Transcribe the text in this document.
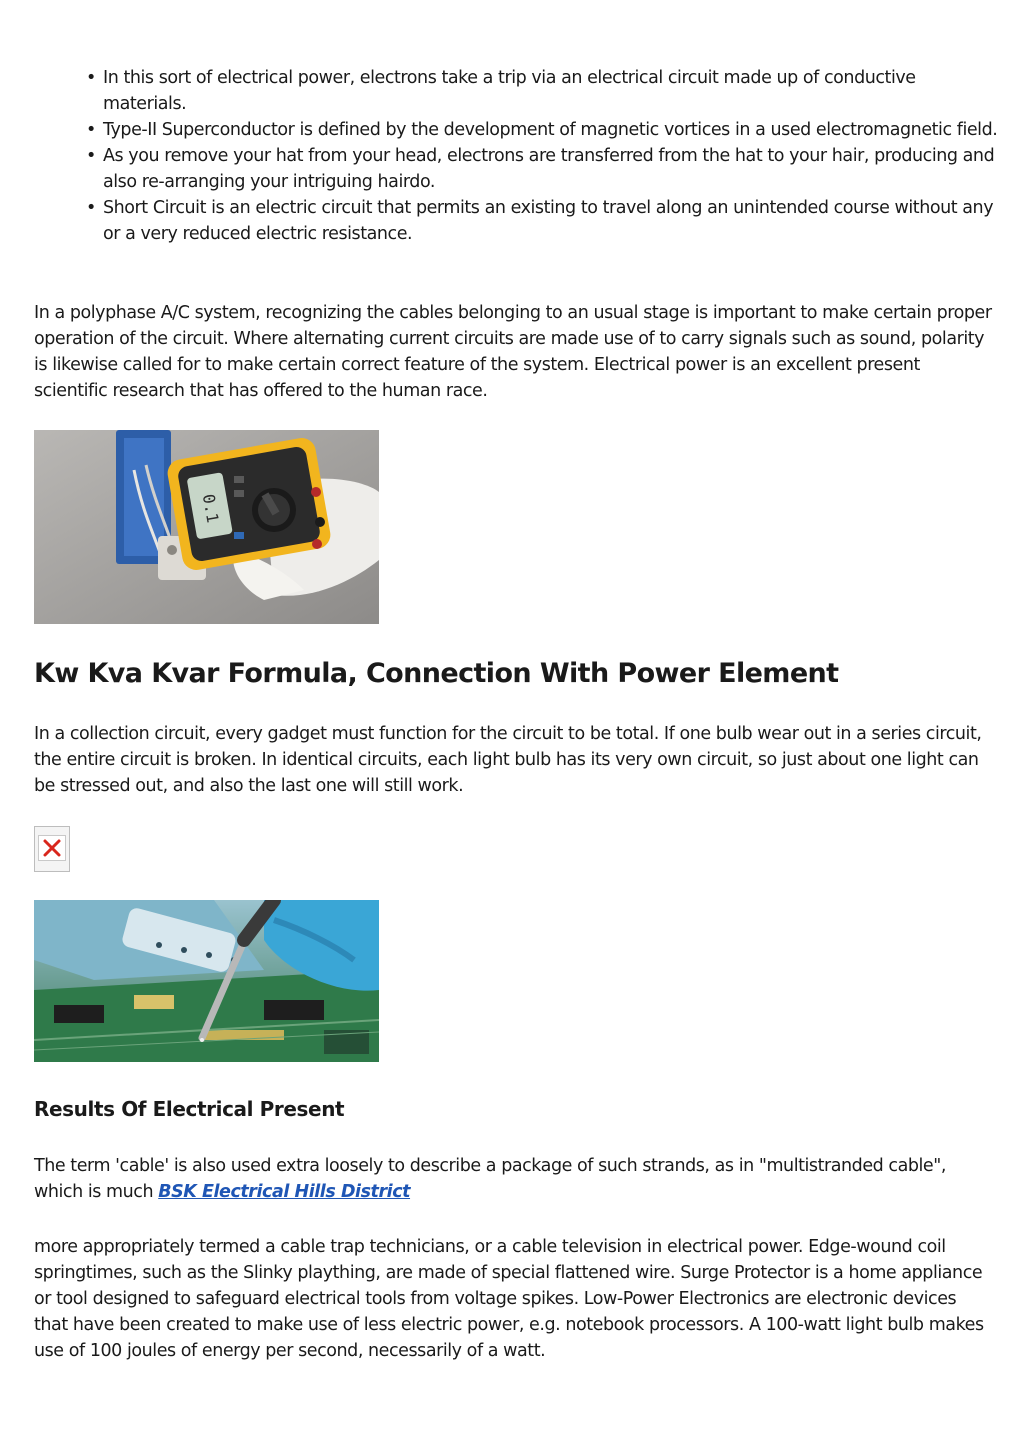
• In this sort of electrical power, electrons take a trip via an electrical circuit made up of conductive materials.
• Type-II Superconductor is defined by the development of magnetic vortices in a used electromagnetic field.
• As you remove your hat from your head, electrons are transferred from the hat to your hair, producing and also re-arranging your intriguing hairdo.
• Short Circuit is an electric circuit that permits an existing to travel along an unintended course without any or a very reduced electric resistance.

In a polyphase A/C system, recognizing the cables belonging to an usual stage is important to make certain proper operation of the circuit. Where alternating current circuits are made use of to carry signals such as sound, polarity is likewise called for to make certain correct feature of the system. Electrical power is an excellent present scientific research that has offered to the human race.

0.1
Kw Kva Kvar Formula, Connection With Power Element

In a collection circuit, every gadget must function for the circuit to be total. If one bulb wear out in a series circuit, the entire circuit is broken. In identical circuits, each light bulb has its very own circuit, so just about one light can be stressed out, and also the last one will still work.

Results Of Electrical Present

The term 'cable' is also used extra loosely to describe a package of such strands, as in "multistranded cable", which is much BSK Electrical Hills District

more appropriately termed a cable trap technicians, or a cable television in electrical power. Edge-wound coil springtimes, such as the Slinky plaything, are made of special flattened wire. Surge Protector is a home appliance or tool designed to safeguard electrical tools from voltage spikes. Low-Power Electronics are electronic devices that have been created to make use of less electric power, e.g. notebook processors. A 100-watt light bulb makes use of 100 joules of energy per second, necessarily of a watt.
